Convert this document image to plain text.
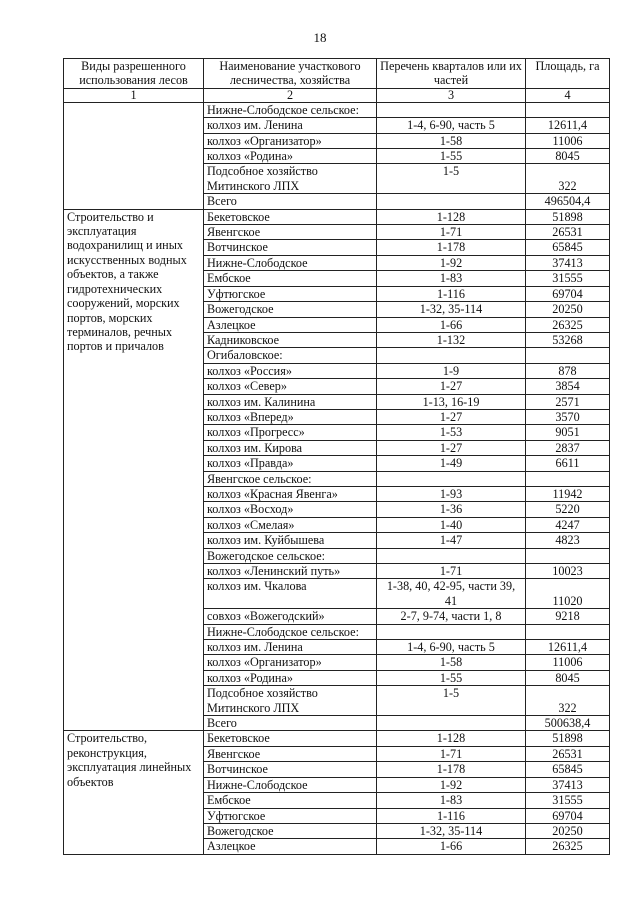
18
Виды разрешенного использования лесов	Наименование участкового лесничества, хозяйства	Перечень кварталов или их частей	Площадь, га
1	2	3	4
	Нижне-Слободское сельское:		
	колхоз им. Ленина	1-4, 6-90, часть 5	12611,4
	колхоз «Организатор»	1-58	11006
	колхоз «Родина»	1-55	8045
	Подсобное хозяйство Митинского ЛПХ	1-5	322
	Всего		496504,4
Строительство и эксплуатация водохранилищ и иных искусственных водных объектов, а также гидротехнических сооружений, морских портов, морских терминалов, речных портов и причалов	Бекетовское	1-128	51898
	Явенгское	1-71	26531
	Вотчинское	1-178	65845
	Нижне-Слободское	1-92	37413
	Ембское	1-83	31555
	Уфтюгское	1-116	69704
	Вожегодское	1-32, 35-114	20250
	Азлецкое	1-66	26325
	Кадниковское	1-132	53268
	Огибаловское:		
	колхоз «Россия»	1-9	878
	колхоз «Север»	1-27	3854
	колхоз им. Калинина	1-13, 16-19	2571
	колхоз «Вперед»	1-27	3570
	колхоз «Прогресс»	1-53	9051
	колхоз им. Кирова	1-27	2837
	колхоз «Правда»	1-49	6611
	Явенгское сельское:		
	колхоз «Красная Явенга»	1-93	11942
	колхоз «Восход»	1-36	5220
	колхоз «Смелая»	1-40	4247
	колхоз им. Куйбышева	1-47	4823
	Вожегодское сельское:		
	колхоз «Ленинский путь»	1-71	10023
	колхоз им. Чкалова	1-38, 40, 42-95, части 39, 41	11020
	совхоз «Вожегодский»	2-7, 9-74, части 1, 8	9218
	Нижне-Слободское сельское:		
	колхоз им. Ленина	1-4, 6-90, часть 5	12611,4
	колхоз «Организатор»	1-58	11006
	колхоз «Родина»	1-55	8045
	Подсобное хозяйство Митинского ЛПХ	1-5	322
	Всего		500638,4
Строительство, реконструкция, эксплуатация линейных объектов	Бекетовское	1-128	51898
	Явенгское	1-71	26531
	Вотчинское	1-178	65845
	Нижне-Слободское	1-92	37413
	Ембское	1-83	31555
	Уфтюгское	1-116	69704
	Вожегодское	1-32, 35-114	20250
	Азлецкое	1-66	26325
